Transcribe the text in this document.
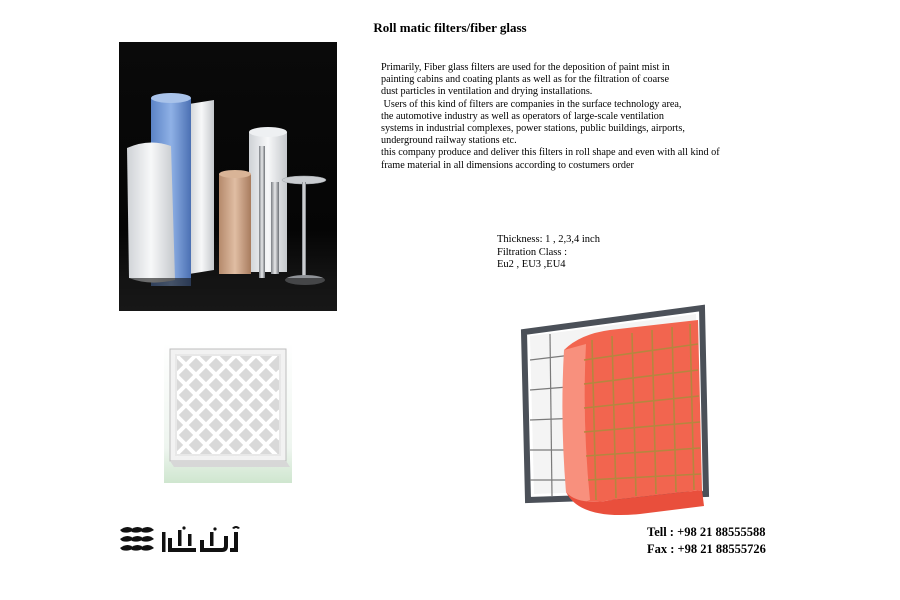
Roll matic filters/fiber glass
Primarily, Fiber glass filters are used for the deposition of paint mist in
painting cabins and coating plants as well as for the filtration of coarse
dust particles in ventilation and drying installations.
Users of this kind of filters are companies in the surface technology area,
the automotive industry as well as operators of large-scale ventilation
systems in industrial complexes, power stations, public buildings, airports,
underground railway stations etc.
this company produce and deliver this filters in roll shape and even with all kind of
frame material in all dimensions according to costumers order
Thickness: 1 , 2,3,4 inch
Filtration Class :
Eu2 , EU3 ,EU4
Tell : +98 21 88555588
Fax : +98 21 88555726
